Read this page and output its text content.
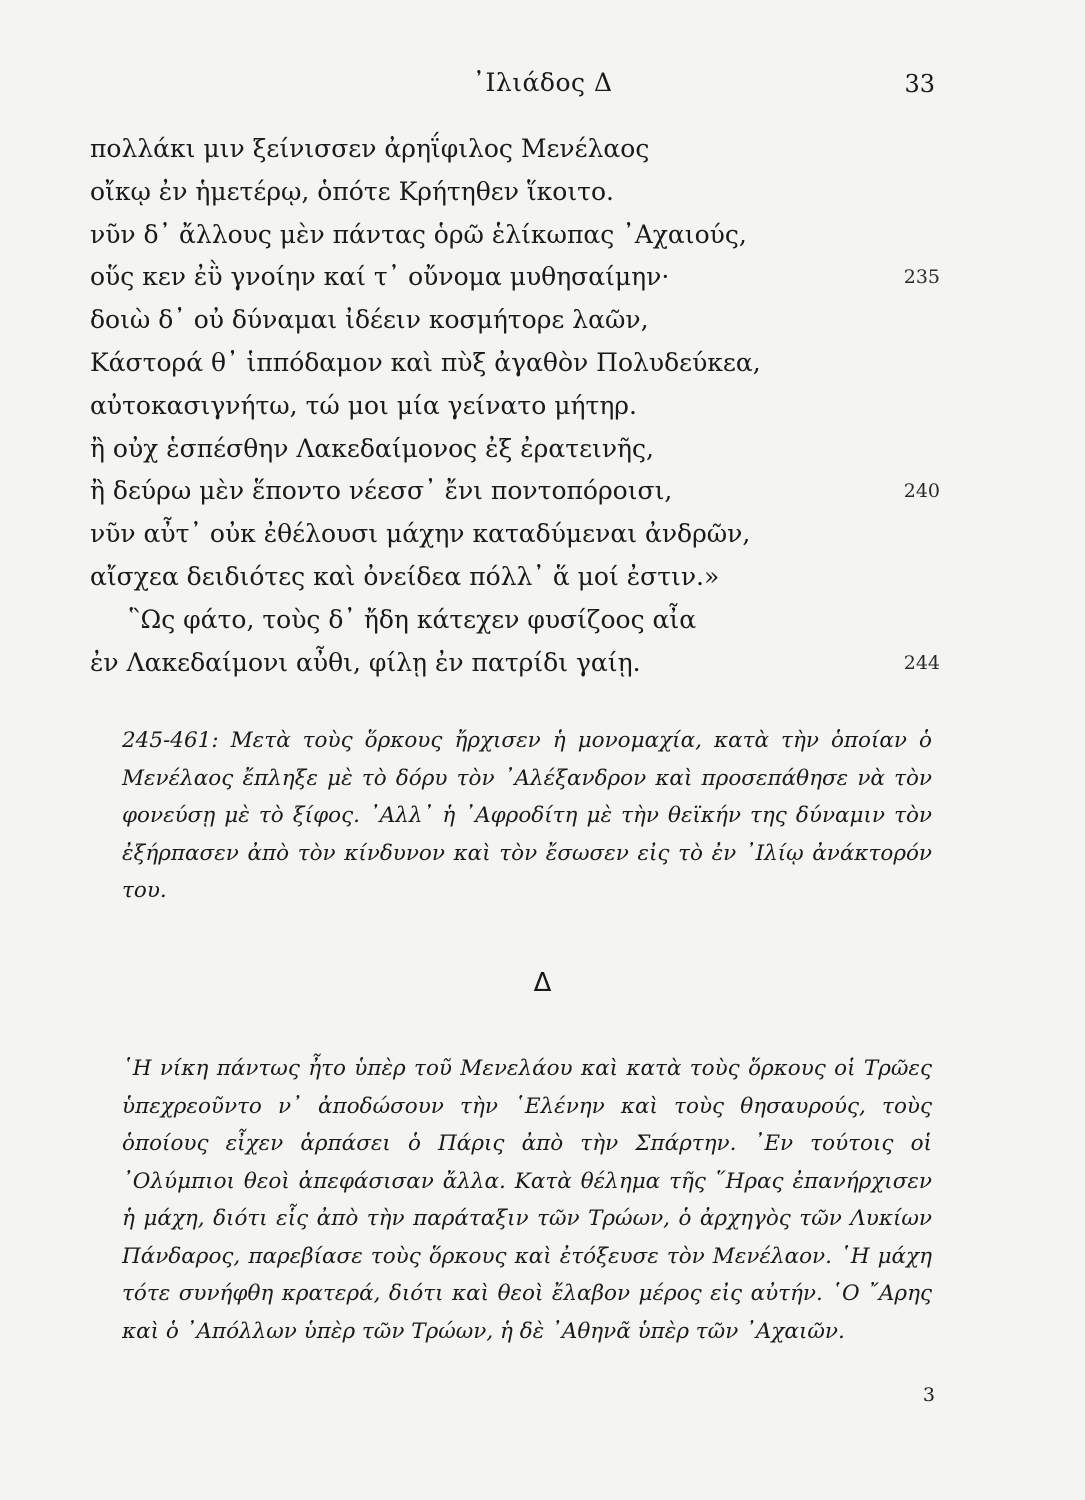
᾿Ιλιάδος Δ	33
πολλάκι μιν ξείνισσεν ἀρηΐφιλος Μενέλαος
οἴκῳ ἐν ἡμετέρῳ, ὁπότε Κρήτηθεν ἵκοιτο.
νῦν δ᾽ ἄλλους μὲν πάντας ὁρῶ ἑλίκωπας ᾿Αχαιούς,
οὕς κεν ἐῢ γνοίην καί τ᾽ οὔνομα μυθησαίμην·	235
δοιὼ δ᾽ οὐ δύναμαι ἰδέειν κοσμήτορε λαῶν,
Κάστορά θ᾽ ἱππόδαμον καὶ πὺξ ἀγαθὸν Πολυδεύκεα,
αὐτοκασιγνήτω, τώ μοι μία γείνατο μήτηρ.
ἢ οὐχ ἑσπέσθην Λακεδαίμονος ἐξ ἐρατεινῆς,
ἢ δεύρω μὲν ἕποντο νέεσσ᾽ ἔνι ποντοπόροισι,	240
νῦν αὖτ᾽ οὐκ ἐθέλουσι μάχην καταδύμεναι ἀνδρῶν,
αἴσχεα δειδιότες καὶ ὀνείδεα πόλλ᾽ ἅ μοί ἐστιν.»
῝Ως φάτο, τοὺς δ᾽ ἤδη κάτεχεν φυσίζοος αἶα
ἐν Λακεδαίμονι αὖθι, φίλῃ ἐν πατρίδι γαίῃ.	244
245-461: Μετὰ τοὺς ὅρκους ἤρχισεν ἡ μονομαχία, κατὰ τὴν ὁποίαν ὁ Μενέλαος ἔπληξε μὲ τὸ δόρυ τὸν ᾿Αλέξανδρον καὶ προσεπάθησε νὰ τὸν φονεύσῃ μὲ τὸ ξίφος. ᾿Αλλ᾽ ἡ ᾿Αφροδίτη μὲ τὴν θεϊκήν της δύναμιν τὸν ἐξήρπασεν ἀπὸ τὸν κίνδυνον καὶ τὸν ἔσωσεν εἰς τὸ ἐν ᾿Ιλίῳ ἀνάκτορόν του.
Δ
῾Η νίκη πάντως ἦτο ὑπὲρ τοῦ Μενελάου καὶ κατὰ τοὺς ὅρκους οἱ Τρῶες ὑπεχρεοῦντο ν᾽ ἀποδώσουν τὴν ῾Ελένην καὶ τοὺς θησαυρούς, τοὺς ὁποίους εἶχεν ἁρπάσει ὁ Πάρις ἀπὸ τὴν Σπάρτην. ᾿Εν τούτοις οἱ ᾿Ολύμπιοι θεοὶ ἀπεφάσισαν ἄλλα. Κατὰ θέλημα τῆς ῞Ηρας ἐπανήρχισεν ἡ μάχη, διότι εἷς ἀπὸ τὴν παράταξιν τῶν Τρώων, ὁ ἀρχηγὸς τῶν Λυκίων Πάνδαρος, παρεβίασε τοὺς ὅρκους καὶ ἐτόξευσε τὸν Μενέλαον. ῾Η μάχη τότε συνήφθη κρατερά, διότι καὶ θεοὶ ἔλαβον μέρος εἰς αὐτήν. ῾Ο ῎Αρης καὶ ὁ ᾿Απόλλων ὑπὲρ τῶν Τρώων, ἡ δὲ ᾿Αθηνᾶ ὑπὲρ τῶν ᾿Αχαιῶν.
3
